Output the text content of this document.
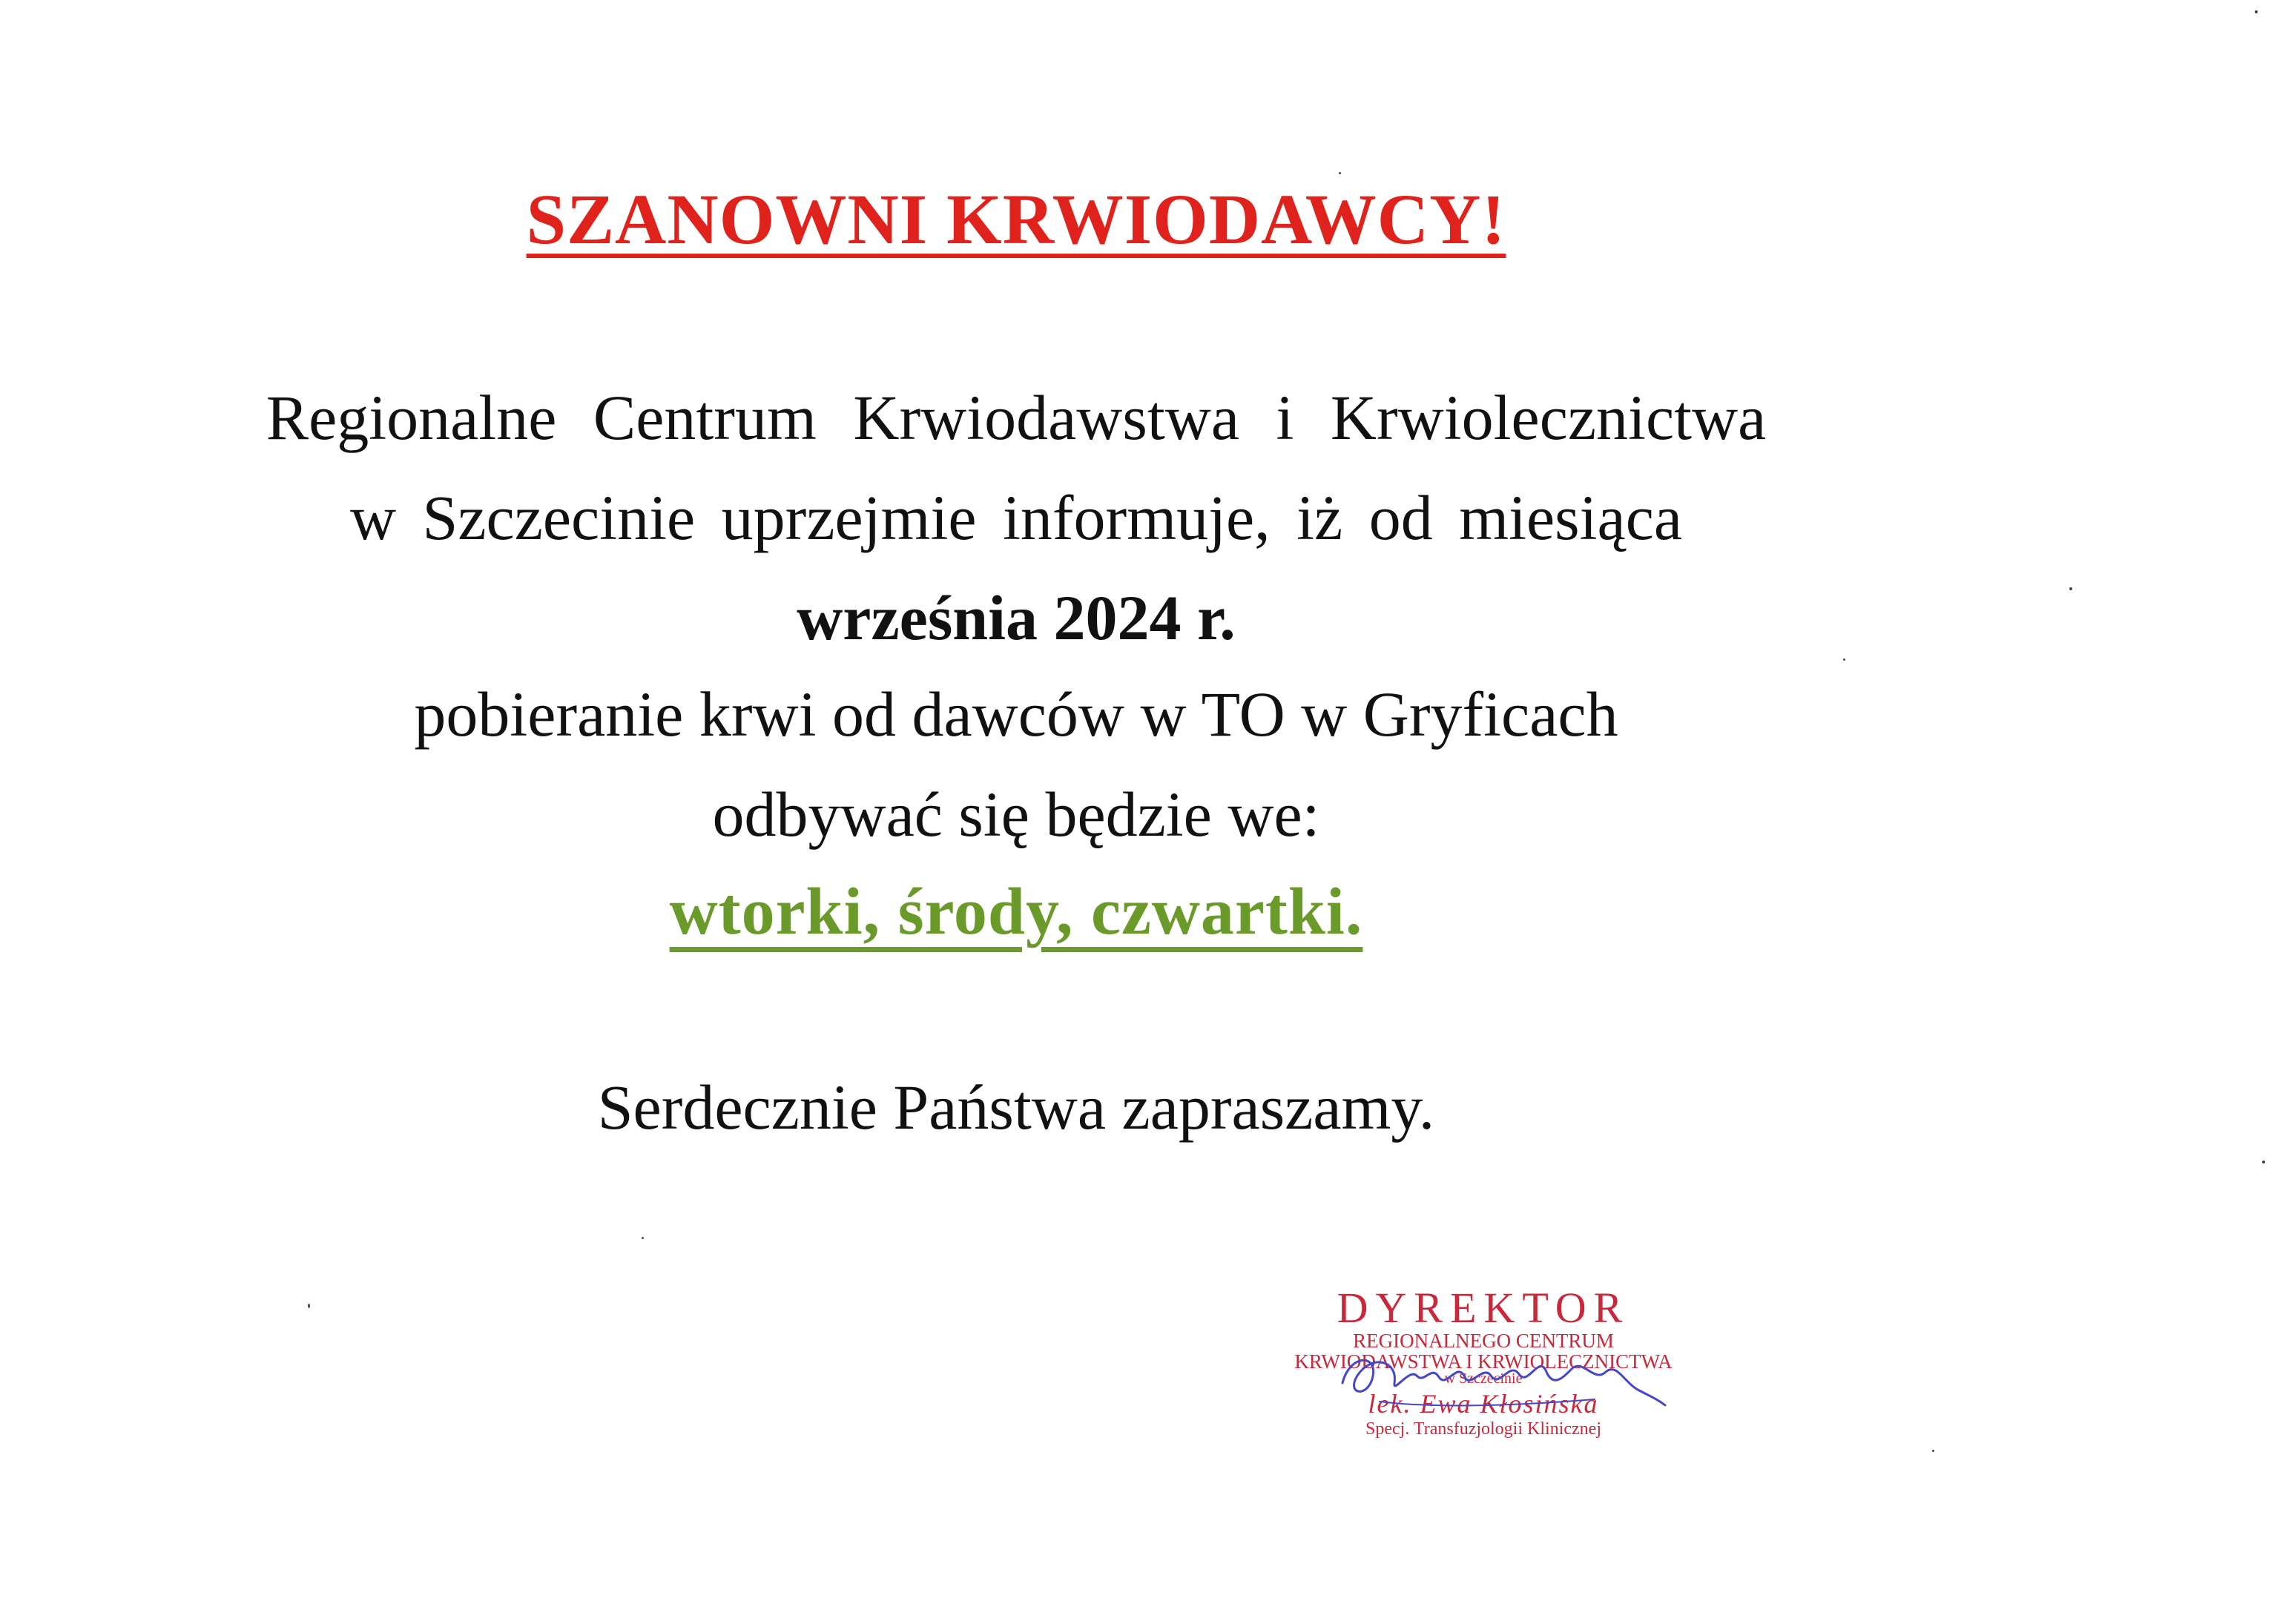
SZANOWNI KRWIODAWCY!
Regionalne Centrum Krwiodawstwa i Krwiolecznictwa
w Szczecinie uprzejmie informuje, iż od miesiąca
września 2024 r.
pobieranie krwi od dawców w TO w Gryficach
odbywać się będzie we:
wtorki, środy, czwartki.
Serdecznie Państwa zapraszamy.
DYREKTOR
REGIONALNEGO CENTRUM
KRWIODAWSTWA I KRWIOLECZNICTWA
w Szczecinie
lek. Ewa Kłosińska
Specj. Transfuzjologii Klinicznej
